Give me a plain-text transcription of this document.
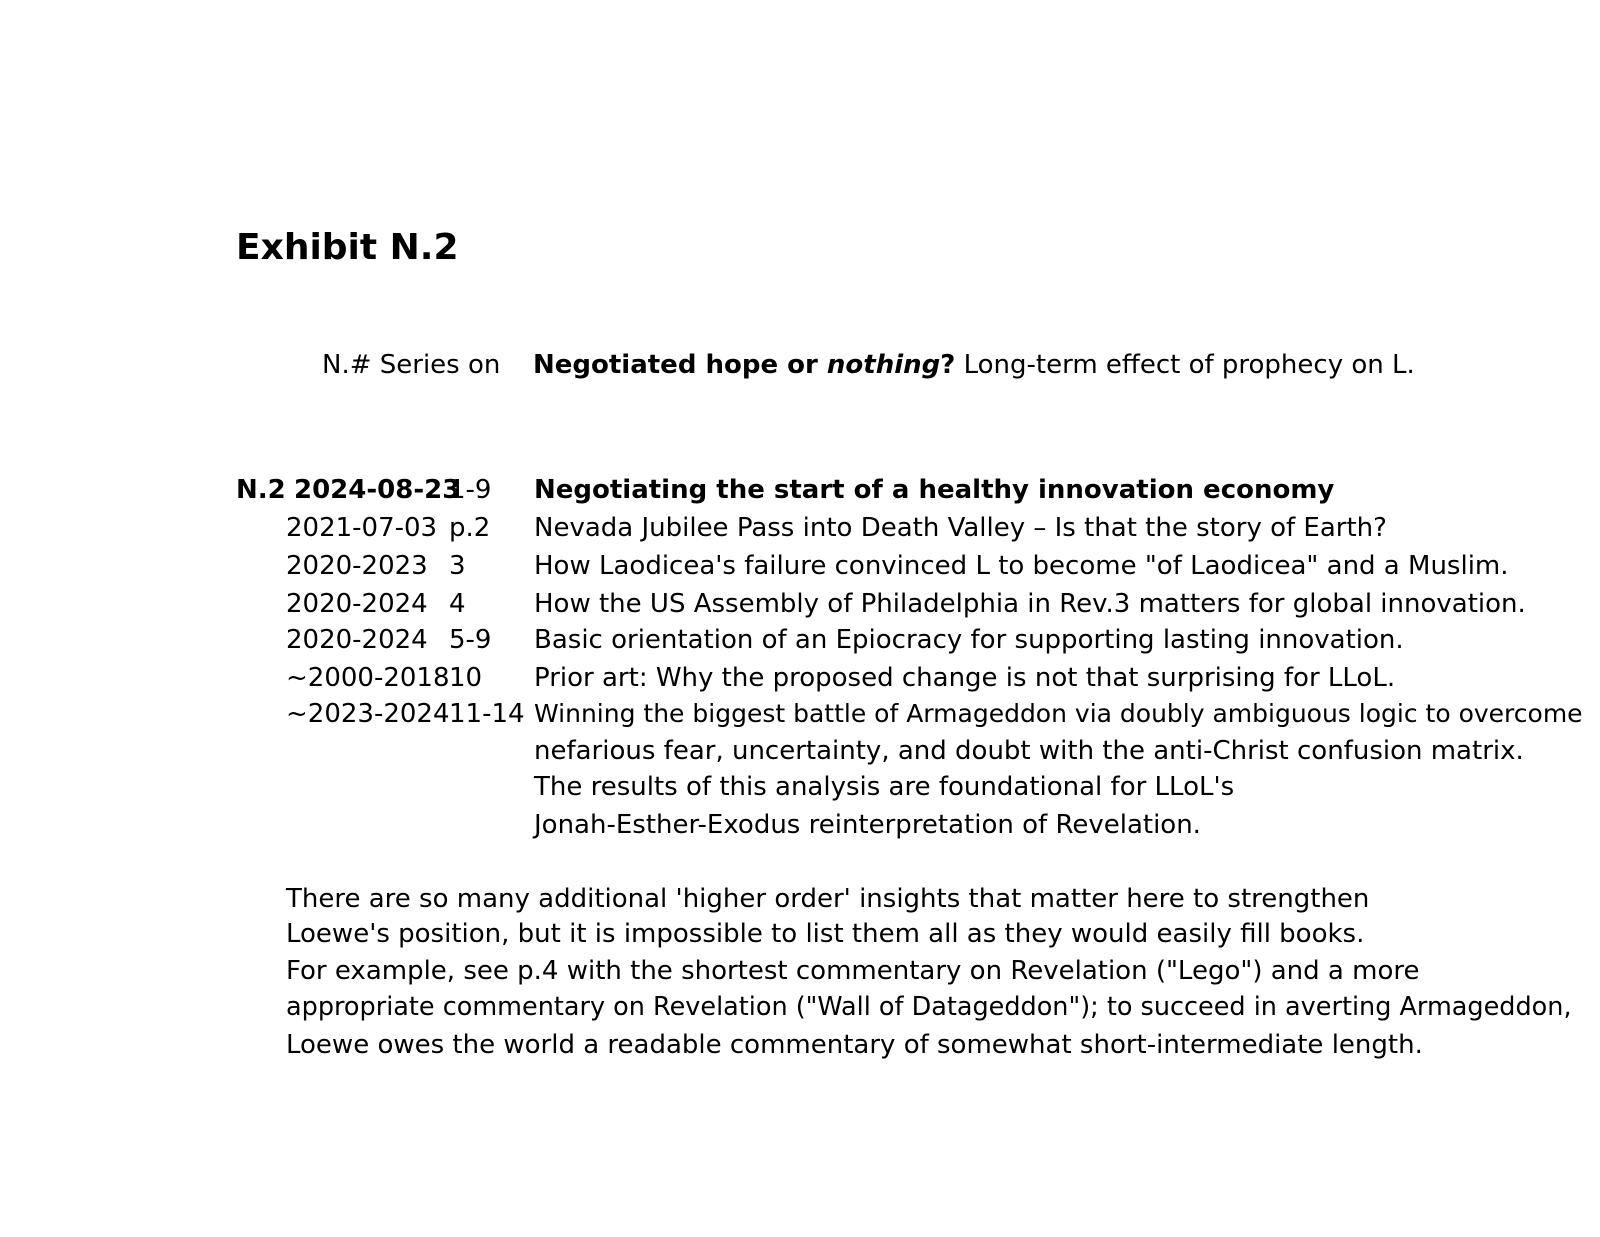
Exhibit N.2
N.# Series on Negotiated hope or nothing? Long-term effect of prophecy on L.
N.2 2024-08-23
1-9 Negotiating the start of a healthy innovation economy
2021-07-03 p.2 Nevada Jubilee Pass into Death Valley – Is that the story of Earth?
2020-2023 3	How Laodicea's failure convinced L to become "of Laodicea" and a Muslim.
2020-2024 4	How the US Assembly of Philadelphia in Rev.3 matters for global innovation.
2020-2024 5-9 Basic orientation of an Epiocracy for supporting lasting innovation.
~2000-2018 10 Prior art: Why the proposed change is not that surprising for LLoL.
~2023-2024 11-14 Winning the biggest battle of Armageddon via doubly ambiguous logic to overcome
nefarious fear, uncertainty, and doubt with the anti-Christ confusion matrix.
The results of this analysis are foundational for LLoL's
Jonah-Esther-Exodus reinterpretation of Revelation.
There are so many additional 'higher order' insights that matter here to strengthen
Loewe's position, but it is impossible to list them all as they would easily fill books.
For example, see p.4 with the shortest commentary on Revelation ("Lego") and a more
appropriate commentary on Revelation ("Wall of Datageddon"); to succeed in averting Armageddon,
Loewe owes the world a readable commentary of somewhat short-intermediate length.
